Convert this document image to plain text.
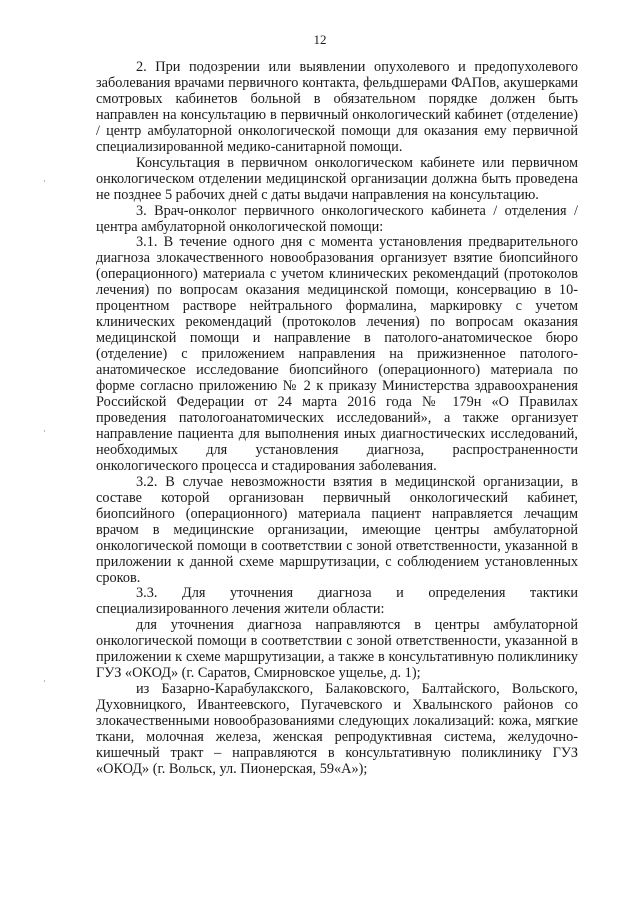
12

2. При подозрении или выявлении опухолевого и предопухолевого заболевания врачами первичного контакта, фельдшерами ФАПов, акушерками смотровых кабинетов больной в обязательном порядке должен быть направлен на консультацию в первичный онкологический кабинет (отделение) / центр амбулаторной онкологической помощи для оказания ему первичной специализированной медико-санитарной помощи.

Консультация в первичном онкологическом кабинете или первичном онкологическом отделении медицинской организации должна быть проведена не позднее 5 рабочих дней с даты выдачи направления на консультацию.

3. Врач-онколог первичного онкологического кабинета / отделения / центра амбулаторной онкологической помощи:

3.1. В течение одного дня с момента установления предварительного диагноза злокачественного новообразования организует взятие биопсийного (операционного) материала с учетом клинических рекомендаций (протоколов лечения) по вопросам оказания медицинской помощи, консервацию в 10-процентном растворе нейтрального формалина, маркировку с учетом клинических рекомендаций (протоколов лечения) по вопросам оказания медицинской помощи и направление в патолого-анатомическое бюро (отделение) с приложением направления на прижизненное патолого-анатомическое исследование биопсийного (операционного) материала по форме согласно приложению № 2 к приказу Министерства здравоохранения Российской Федерации от 24 марта 2016 года № 179н «О Правилах проведения патологоанатомических исследований», а также организует направление пациента для выполнения иных диагностических исследований, необходимых для установления диагноза, распространенности онкологического процесса и стадирования заболевания.

3.2. В случае невозможности взятия в медицинской организации, в составе которой организован первичный онкологический кабинет, биопсийного (операционного) материала пациент направляется лечащим врачом в медицинские организации, имеющие центры амбулаторной онкологической помощи в соответствии с зоной ответственности, указанной в приложении к данной схеме маршрутизации, с соблюдением установленных сроков.

3.3. Для уточнения диагноза и определения тактики специализированного лечения жители области:

для уточнения диагноза направляются в центры амбулаторной онкологической помощи в соответствии с зоной ответственности, указанной в приложении к схеме маршрутизации, а также в консультативную поликлинику ГУЗ «ОКОД» (г. Саратов, Смирновское ущелье, д. 1);

из Базарно-Карабулакского, Балаковского, Балтайского, Вольского, Духовницкого, Ивантеевского, Пугачевского и Хвалынского районов со злокачественными новообразованиями следующих локализаций: кожа, мягкие ткани, молочная железа, женская репродуктивная система, желудочно-кишечный тракт – направляются в консультативную поликлинику ГУЗ «ОКОД» (г. Вольск, ул. Пионерская, 59«А»);
